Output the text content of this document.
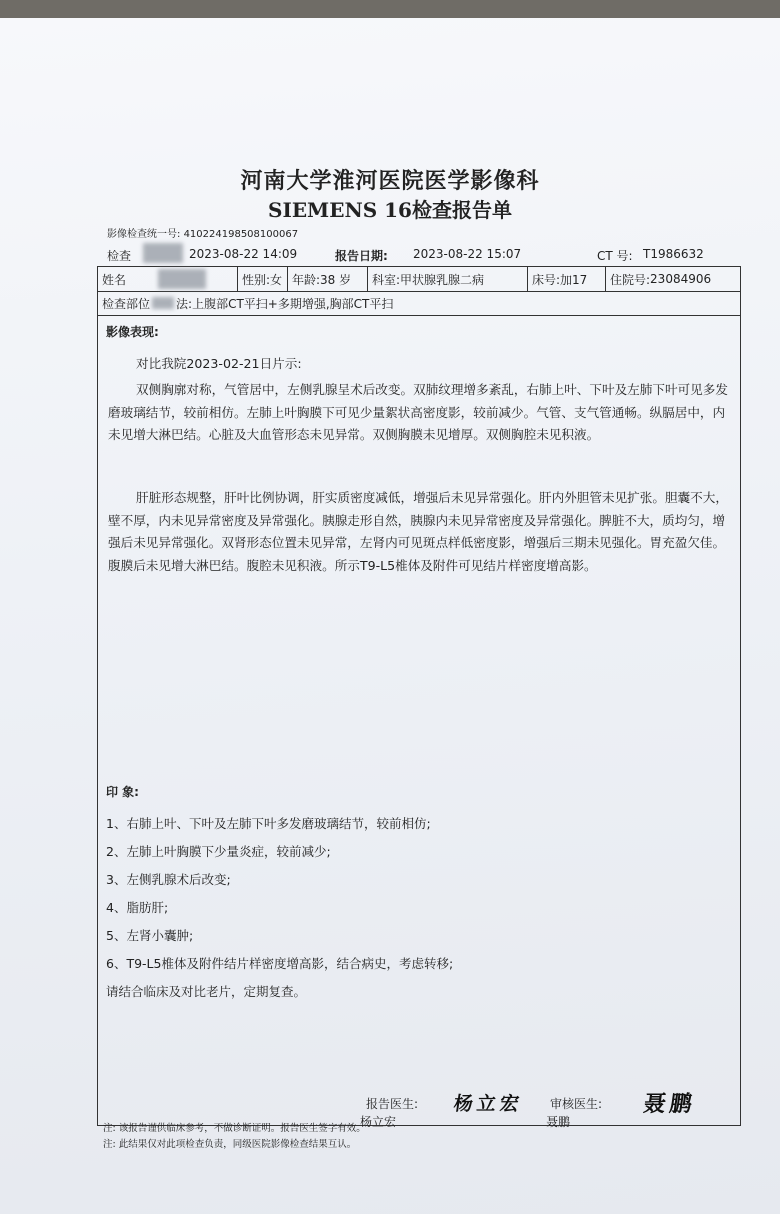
河南大学淮河医院医学影像科
SIEMENS 16检查报告单
影像检查统一号: 410224198508100067
检查	2023-08-22 14:09	报告日期: 2023-08-22 15:07	CT 号: T1986632
姓名	性别: 女 年龄: 38 岁 科室: 甲状腺乳腺二病	床号: 加17 住院号: 23084906
检查部位 法: 上腹部CT平扫+多期增强,胸部CT平扫
影像表现:
对比我院2023-02-21日片示:
双侧胸廓对称，气管居中，左侧乳腺呈术后改变。双肺纹理增多紊乱，右肺上叶、下叶及左肺下叶可见多发磨玻璃结节，较前相仿。左肺上叶胸膜下可见少量絮状高密度影，较前减少。气管、支气管通畅。纵膈居中，内未见增大淋巴结。心脏及大血管形态未见异常。双侧胸膜未见增厚。双侧胸腔未见积液。
肝脏形态规整，肝叶比例协调，肝实质密度减低，增强后未见异常强化。肝内外胆管未见扩张。胆囊不大，壁不厚，内未见异常密度及异常强化。胰腺走形自然，胰腺内未见异常密度及异常强化。脾脏不大，质均匀，增强后未见异常强化。双肾形态位置未见异常，左肾内可见斑点样低密度影，增强后三期未见强化。胃充盈欠佳。腹膜后未见增大淋巴结。腹腔未见积液。所示T9-L5椎体及附件可见结片样密度增高影。
印 象:
1、右肺上叶、下叶及左肺下叶多发磨玻璃结节，较前相仿;
2、左肺上叶胸膜下少量炎症，较前减少;
3、左侧乳腺术后改变;
4、脂肪肝;
5、左肾小囊肿;
6、T9-L5椎体及附件结片样密度增高影，结合病史，考虑转移;
请结合临床及对比老片，定期复查。
报告医生: 杨立宏
杨立宏
审核医生: 聂鹏
聂鹏
注: 该报告谨供临床参考，不做诊断证明。报告医生签字有效。
注: 此结果仅对此项检查负责，同级医院影像检查结果互认。
